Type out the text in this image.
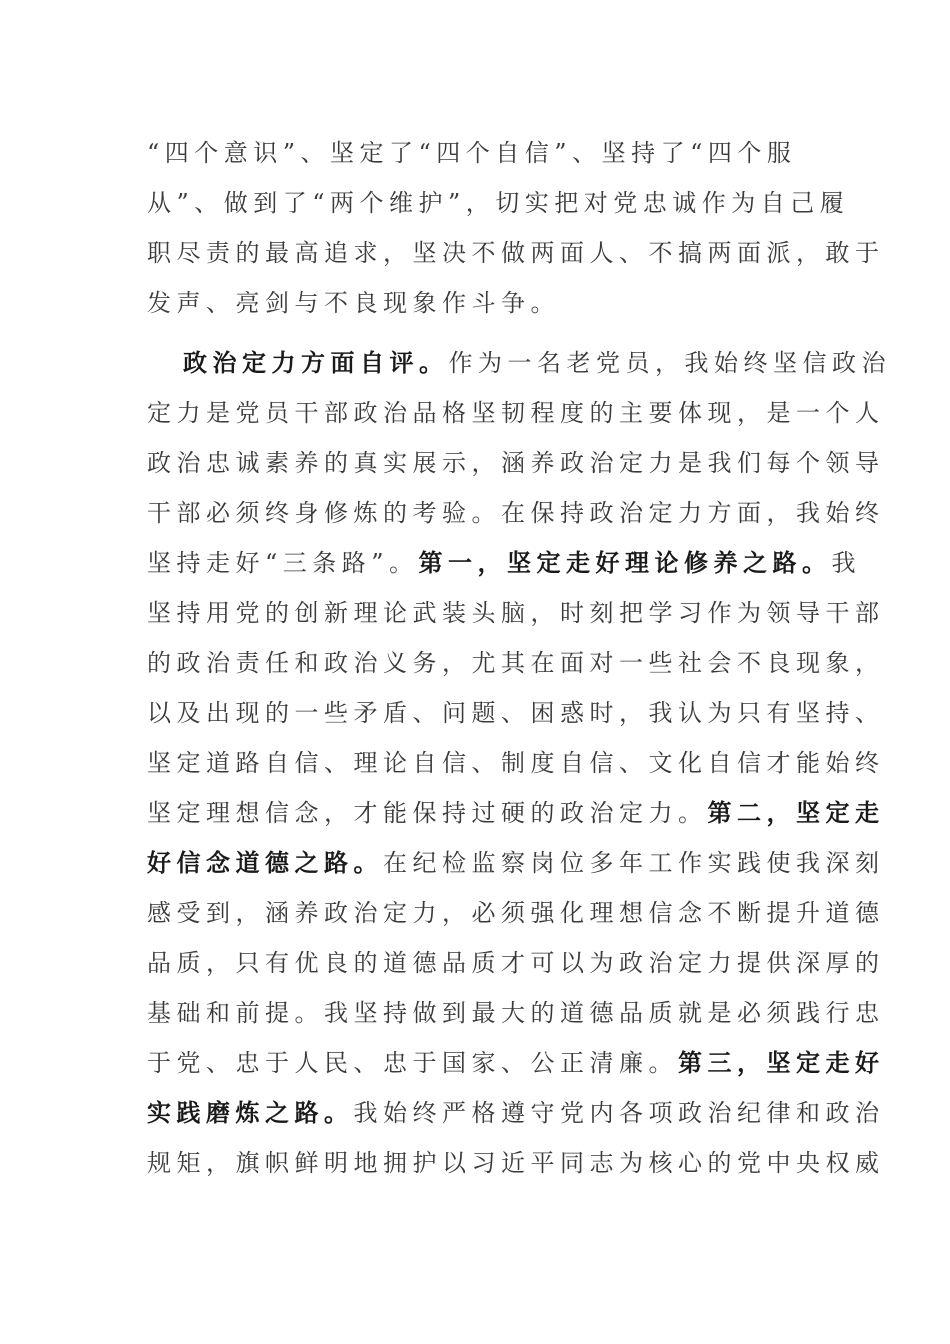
“四个意识”、坚定了“四个自信”、坚持了“四个服
从”、做到了“两个维护”，切实把对党忠诚作为自己履
职尽责的最高追求，坚决不做两面人、不搞两面派，敢于
发声、亮剑与不良现象作斗争。
政治定力方面自评。作为一名老党员，我始终坚信政治
定力是党员干部政治品格坚韧程度的主要体现，是一个人
政治忠诚素养的真实展示，涵养政治定力是我们每个领导
干部必须终身修炼的考验。在保持政治定力方面，我始终
坚持走好“三条路”。第一，坚定走好理论修养之路。我
坚持用党的创新理论武装头脑，时刻把学习作为领导干部
的政治责任和政治义务，尤其在面对一些社会不良现象，
以及出现的一些矛盾、问题、困惑时，我认为只有坚持、
坚定道路自信、理论自信、制度自信、文化自信才能始终
坚定理想信念，才能保持过硬的政治定力。第二，坚定走
好信念道德之路。在纪检监察岗位多年工作实践使我深刻
感受到，涵养政治定力，必须强化理想信念不断提升道德
品质，只有优良的道德品质才可以为政治定力提供深厚的
基础和前提。我坚持做到最大的道德品质就是必须践行忠
于党、忠于人民、忠于国家、公正清廉。第三，坚定走好
实践磨炼之路。我始终严格遵守党内各项政治纪律和政治
规矩，旗帜鲜明地拥护以习近平同志为核心的党中央权威
